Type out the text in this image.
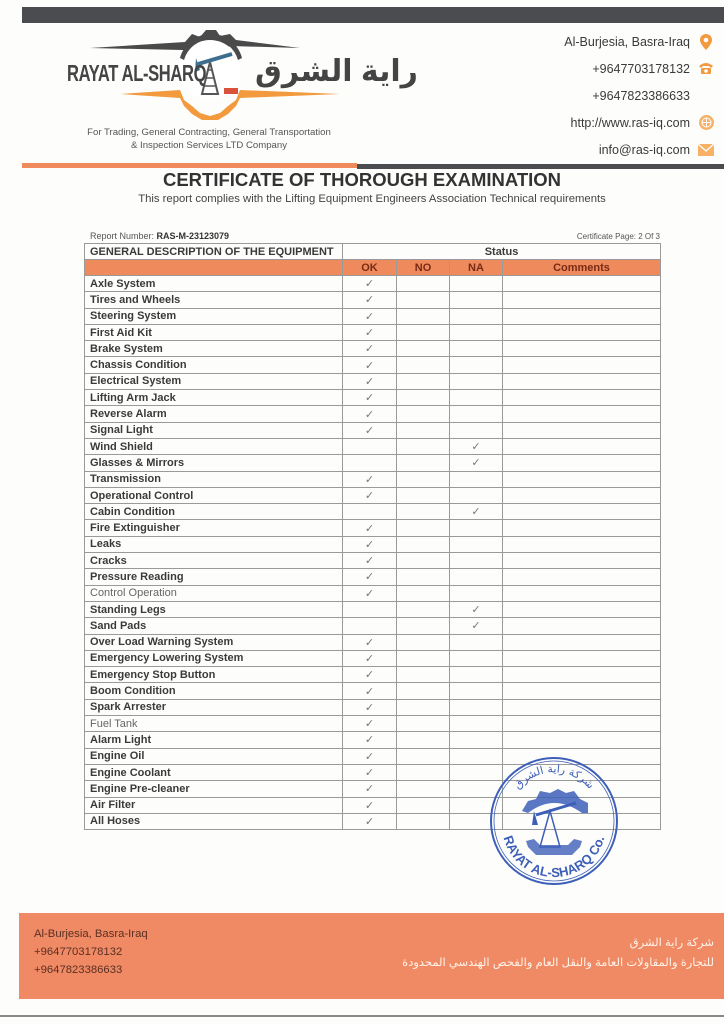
RAYAT AL-SHARQ راية الشرق
For Trading, General Contracting, General Transportation
& Inspection Services LTD Company
Al-Burjesia, Basra-Iraq
+9647703178132
+9647823386633
http://www.ras-iq.com
info@ras-iq.com
CERTIFICATE OF THOROUGH EXAMINATION
This report complies with the Lifting Equipment Engineers Association Technical requirements
Report Number: RAS-M-23123079	Certificate Page: 2 Of 3
GENERAL DESCRIPTION OF THE EQUIPMENT	Status			
	OK	NO	NA	Comments
Axle System	✓			
Tires and Wheels	✓			
Steering System	✓			
First Aid Kit	✓			
Brake System	✓			
Chassis Condition	✓			
Electrical System	✓			
Lifting Arm Jack	✓			
Reverse Alarm	✓			
Signal Light	✓			
Wind Shield			✓	
Glasses & Mirrors			✓	
Transmission	✓			
Operational Control	✓			
Cabin Condition			✓	
Fire Extinguisher	✓			
Leaks	✓			
Cracks	✓			
Pressure Reading	✓			
Control Operation	✓			
Standing Legs			✓	
Sand Pads			✓	
Over Load Warning System	✓			
Emergency Lowering System	✓			
Emergency Stop Button	✓			
Boom Condition	✓			
Spark Arrester	✓			
Fuel Tank	✓			
Alarm Light	✓			
Engine Oil	✓			
Engine Coolant	✓			
Engine Pre-cleaner	✓			
Air Filter	✓			
All Hoses	✓			
RAYAT AL-SHARQ Co.
شركة راية الشرق
Al-Burjesia, Basra-Iraq
+9647703178132
+9647823386633
شركة راية الشرق
للتجارة والمقاولات العامة والنقل العام والفحص الهندسي المحدودة
